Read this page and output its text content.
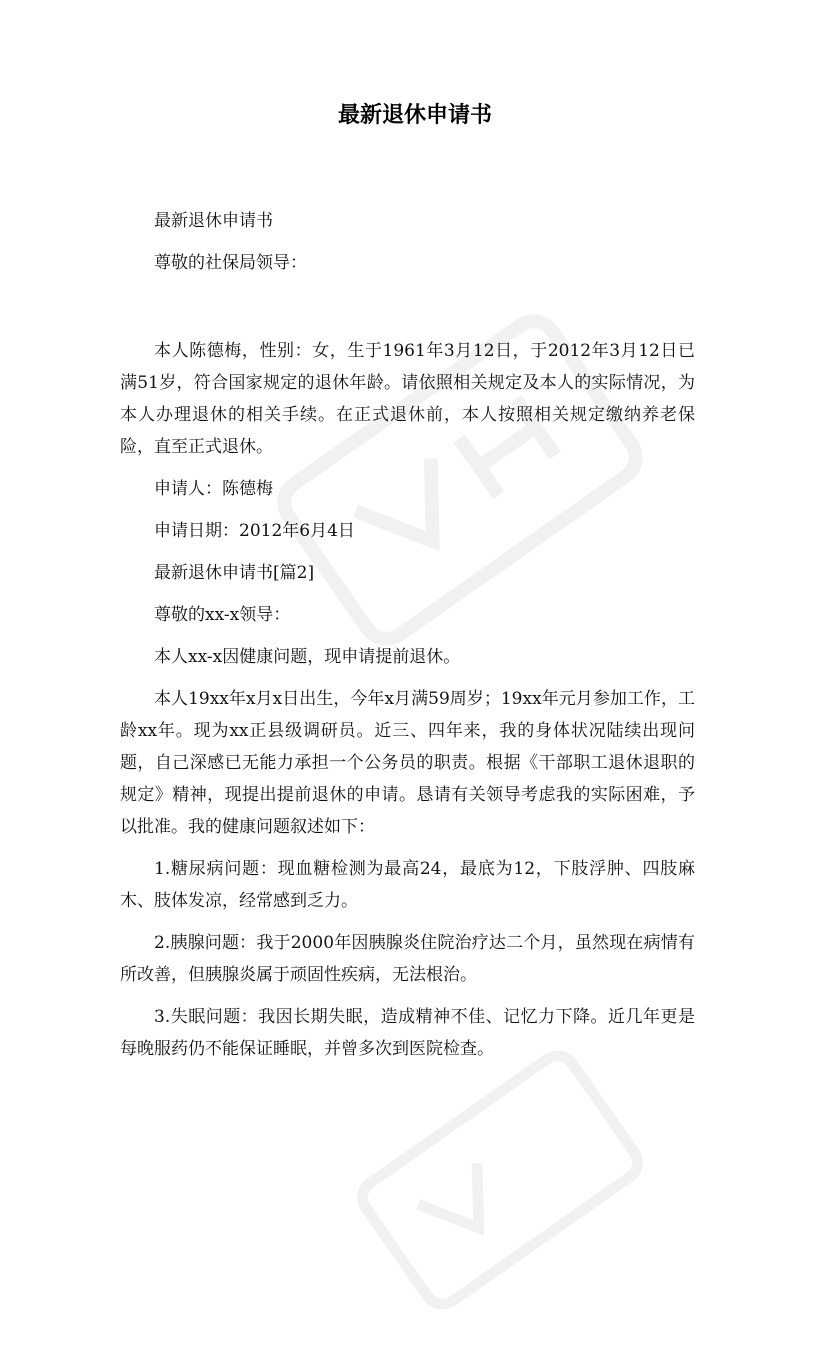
最新退休申请书

最新退休申请书

尊敬的社保局领导：

本人陈德梅，性别：女，生于1961年3月12日，于2012年3月12日已满51岁，符合国家规定的退休年龄。请依照相关规定及本人的实际情况，为本人办理退休的相关手续。在正式退休前，本人按照相关规定缴纳养老保险，直至正式退休。

申请人：陈德梅

申请日期：2012年6月4日

最新退休申请书[篇2]

尊敬的xx-x领导：

本人xx-x因健康问题，现申请提前退休。

本人19xx年x月x日出生，今年x月满59周岁；19xx年元月参加工作，工龄xx年。现为xx正县级调研员。近三、四年来，我的身体状况陆续出现问题，自己深感已无能力承担一个公务员的职责。根据《干部职工退休退职的规定》精神，现提出提前退休的申请。恳请有关领导考虑我的实际困难，予以批准。我的健康问题叙述如下：

1.糖尿病问题：现血糖检测为最高24，最底为12，下肢浮肿、四肢麻木、肢体发凉，经常感到乏力。

2.胰腺问题：我于2000年因胰腺炎住院治疗达二个月，虽然现在病情有所改善，但胰腺炎属于顽固性疾病，无法根治。

3.失眠问题：我因长期失眠，造成精神不佳、记忆力下降。近几年更是每晚服药仍不能保证睡眠，并曾多次到医院检查。
